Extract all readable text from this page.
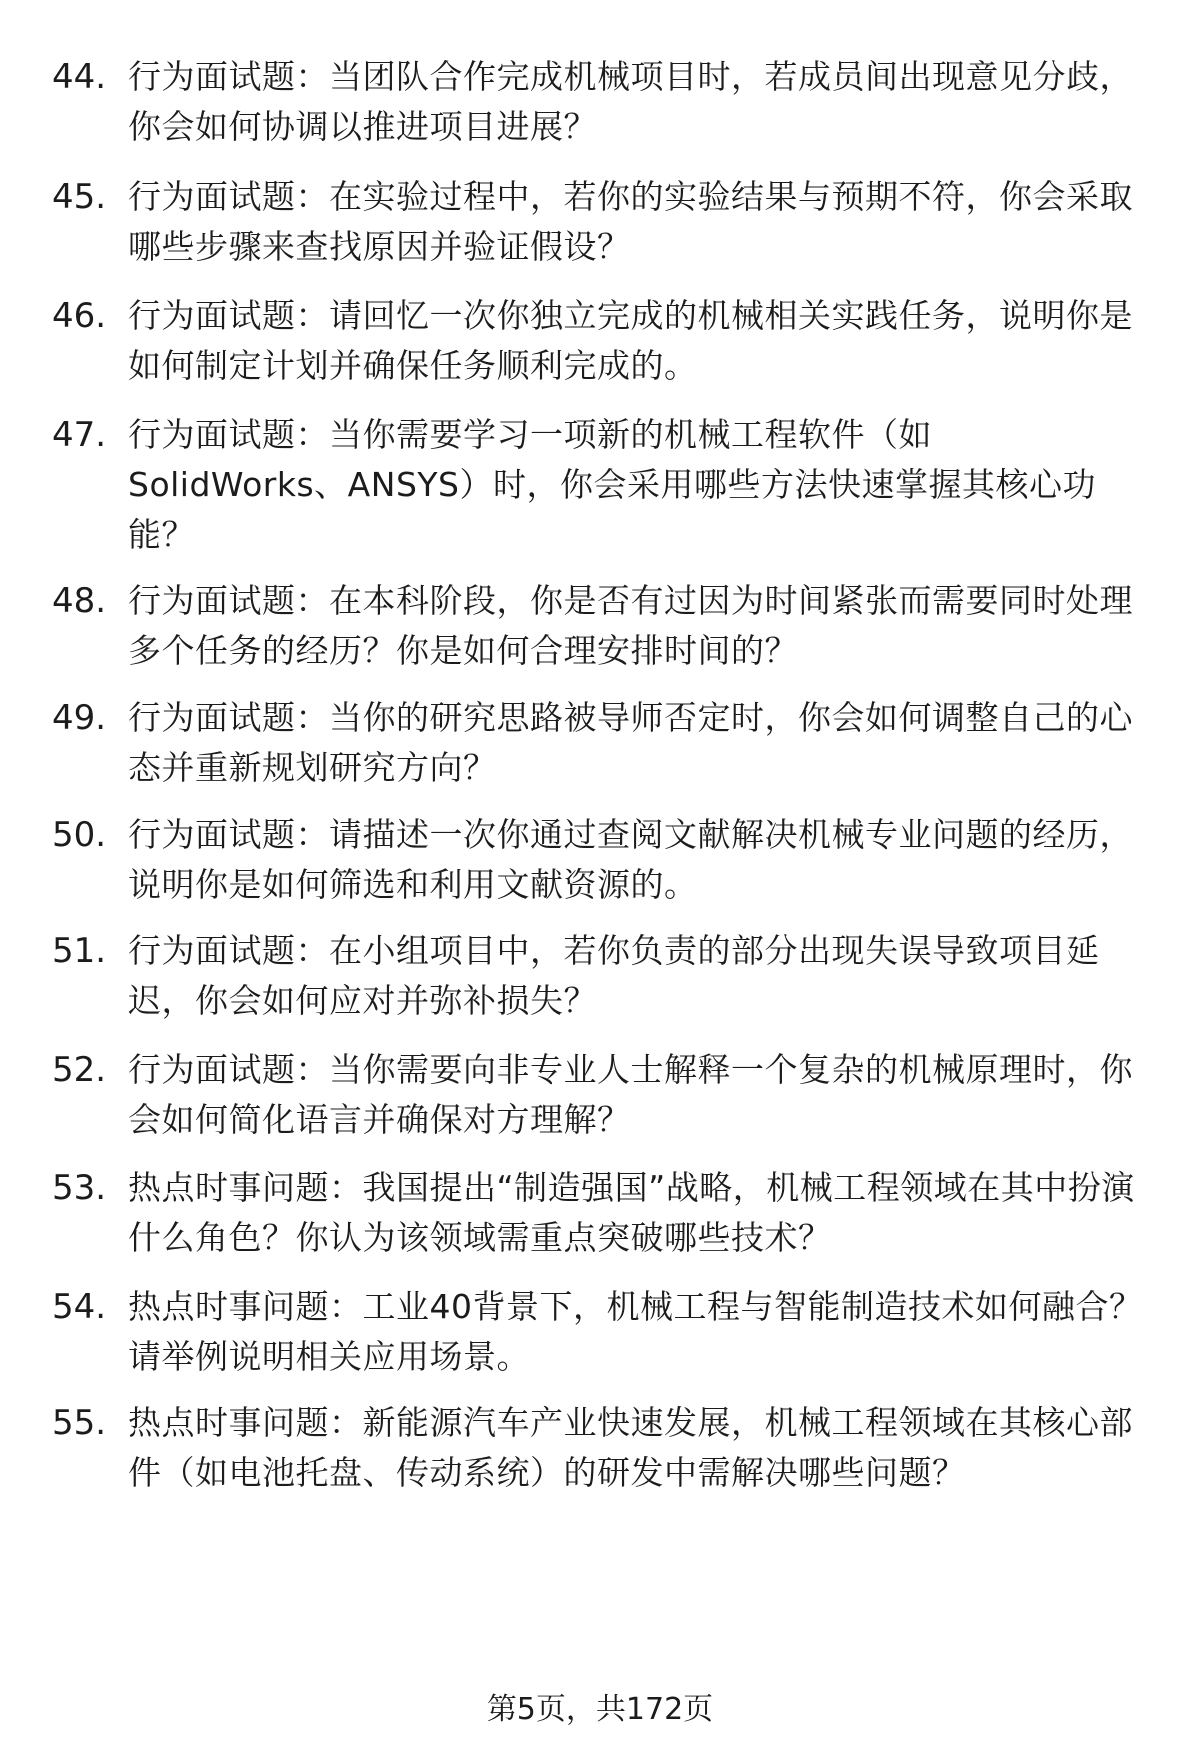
44. 行为面试题：当团队合作完成机械项目时，若成员间出现意见分歧，你会如何协调以推进项目进展？
45. 行为面试题：在实验过程中，若你的实验结果与预期不符，你会采取哪些步骤来查找原因并验证假设？
46. 行为面试题：请回忆一次你独立完成的机械相关实践任务，说明你是如何制定计划并确保任务顺利完成的。
47. 行为面试题：当你需要学习一项新的机械工程软件（如SolidWorks、ANSYS）时，你会采用哪些方法快速掌握其核心功能？
48. 行为面试题：在本科阶段，你是否有过因为时间紧张而需要同时处理多个任务的经历？你是如何合理安排时间的？
49. 行为面试题：当你的研究思路被导师否定时，你会如何调整自己的心态并重新规划研究方向？
50. 行为面试题：请描述一次你通过查阅文献解决机械专业问题的经历，说明你是如何筛选和利用文献资源的。
51. 行为面试题：在小组项目中，若你负责的部分出现失误导致项目延迟，你会如何应对并弥补损失？
52. 行为面试题：当你需要向非专业人士解释一个复杂的机械原理时，你会如何简化语言并确保对方理解？
53. 热点时事问题：我国提出“制造强国”战略，机械工程领域在其中扮演什么角色？你认为该领域需重点突破哪些技术？
54. 热点时事问题：工业40背景下，机械工程与智能制造技术如何融合？请举例说明相关应用场景。
55. 热点时事问题：新能源汽车产业快速发展，机械工程领域在其核心部件（如电池托盘、传动系统）的研发中需解决哪些问题？
第5页，共172页
